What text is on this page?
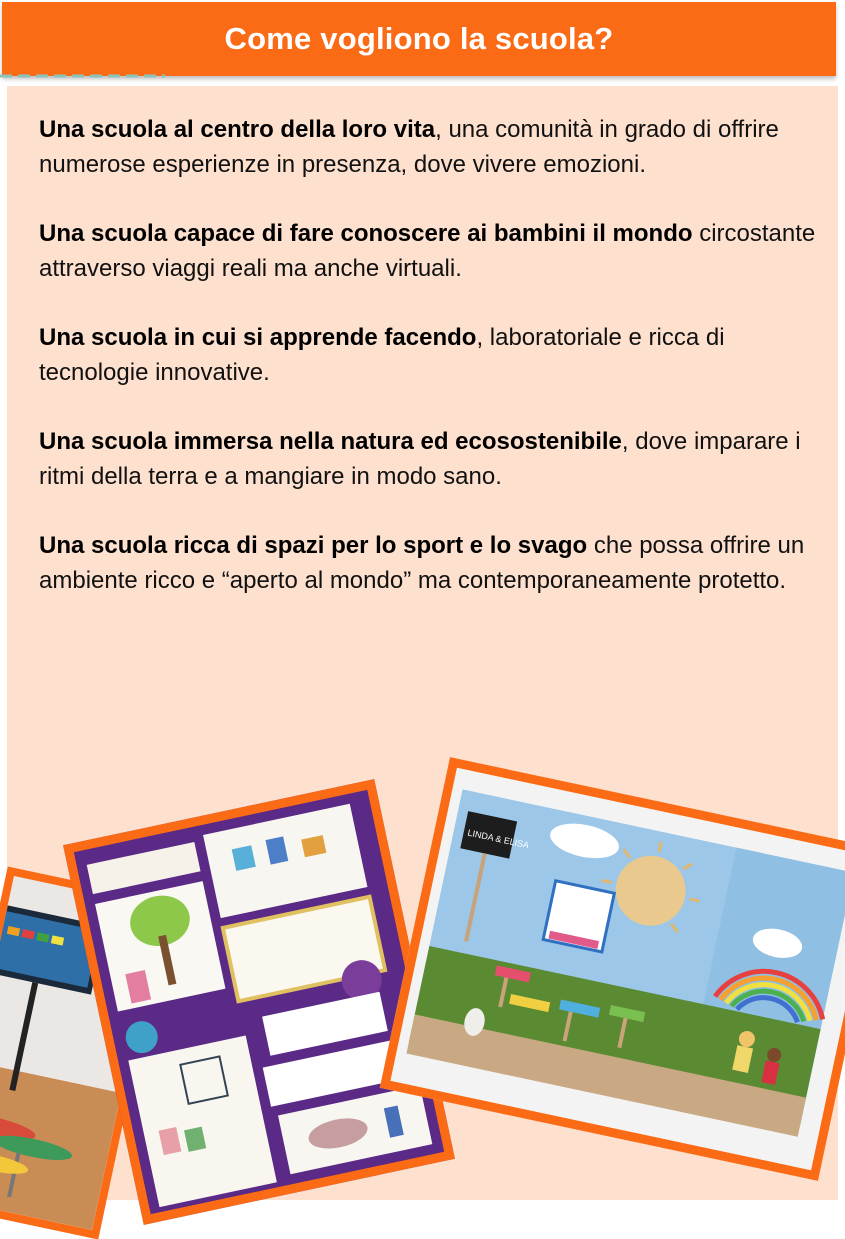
Come vogliono la scuola?

Una scuola al centro della loro vita, una comunità in grado di offrire numerose esperienze in presenza, dove vivere emozioni.

Una scuola capace di fare conoscere ai bambini il mondo circostante attraverso viaggi reali ma anche virtuali.

Una scuola in cui si apprende facendo, laboratoriale e ricca di tecnologie innovative.

Una scuola immersa nella natura ed ecosostenibile, dove imparare i ritmi della terra e a mangiare in modo sano.

Una scuola ricca di spazi per lo sport e lo svago che possa offrire un ambiente ricco e “aperto al mondo” ma contemporaneamente protetto.

LINDA & ELISA
